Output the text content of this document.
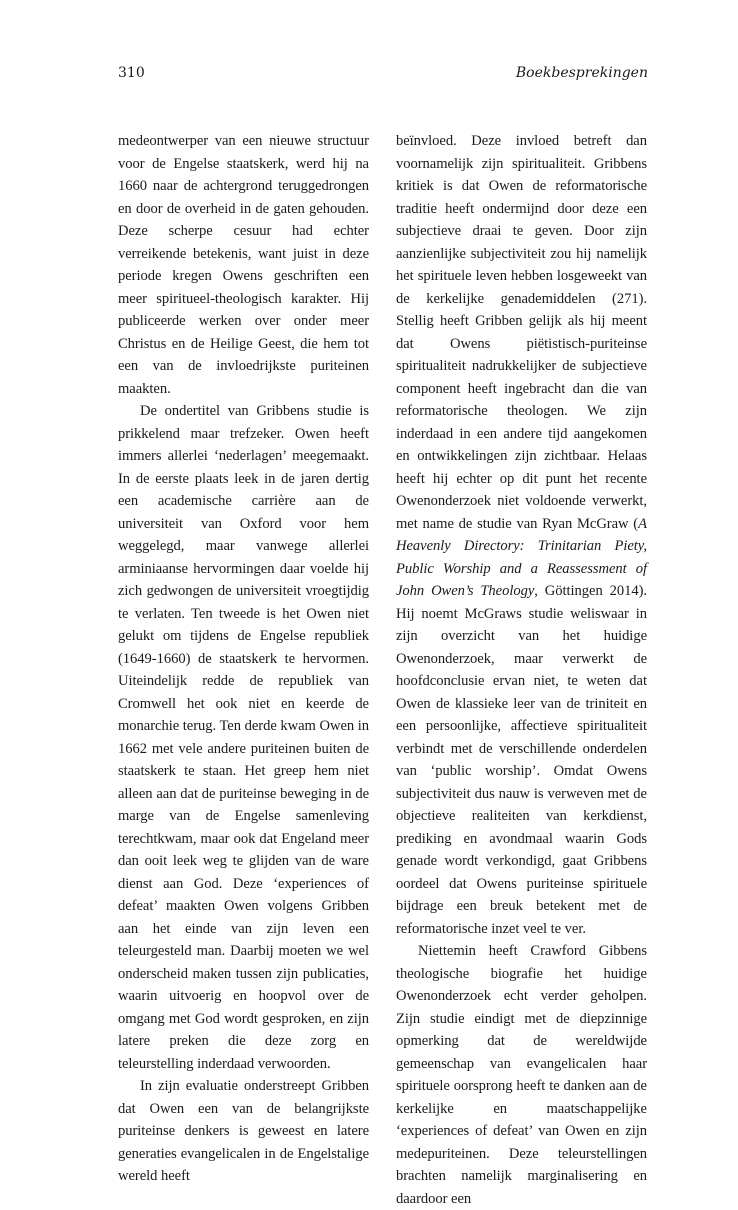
310	Boekbesprekingen

medeontwerper van een nieuwe structuur voor de Engelse staatskerk, werd hij na 1660 naar de achtergrond teruggedrongen en door de overheid in de gaten gehouden. Deze scherpe cesuur had echter verreikende betekenis, want juist in deze periode kregen Owens geschriften een meer spiritueel-theologisch karakter. Hij publiceerde werken over onder meer Christus en de Heilige Geest, die hem tot een van de invloedrijkste puriteinen maakten.

De ondertitel van Gribbens studie is prikkelend maar trefzeker. Owen heeft immers allerlei ‘nederlagen’ meegemaakt. In de eerste plaats leek in de jaren dertig een academische carrière aan de universiteit van Oxford voor hem weggelegd, maar vanwege allerlei arminiaanse hervormingen daar voelde hij zich gedwongen de universiteit vroegtijdig te verlaten. Ten tweede is het Owen niet gelukt om tijdens de Engelse republiek (1649-1660) de staatskerk te hervormen. Uiteindelijk redde de republiek van Cromwell het ook niet en keerde de monarchie terug. Ten derde kwam Owen in 1662 met vele andere puriteinen buiten de staatskerk te staan. Het greep hem niet alleen aan dat de puriteinse beweging in de marge van de Engelse samenleving terechtkwam, maar ook dat Engeland meer dan ooit leek weg te glijden van de ware dienst aan God. Deze ‘experiences of defeat’ maakten Owen volgens Gribben aan het einde van zijn leven een teleurgesteld man. Daarbij moeten we wel onderscheid maken tussen zijn publicaties, waarin uitvoerig en hoopvol over de omgang met God wordt gesproken, en zijn latere preken die deze zorg en teleurstelling inderdaad verwoorden.

In zijn evaluatie onderstreept Gribben dat Owen een van de belangrijkste puriteinse denkers is geweest en latere generaties evangelicalen in de Engelstalige wereld heeft

beïnvloed. Deze invloed betreft dan voornamelijk zijn spiritualiteit. Gribbens kritiek is dat Owen de reformatorische traditie heeft ondermijnd door deze een subjectieve draai te geven. Door zijn aanzienlijke subjectiviteit zou hij namelijk het spirituele leven hebben losgeweekt van de kerkelijke genademiddelen (271). Stellig heeft Gribben gelijk als hij meent dat Owens piëtistisch-puriteinse spiritualiteit nadrukkelijker de subjectieve component heeft ingebracht dan die van reformatorische theologen. We zijn inderdaad in een andere tijd aangekomen en ontwikkelingen zijn zichtbaar. Helaas heeft hij echter op dit punt het recente Owenonderzoek niet voldoende verwerkt, met name de studie van Ryan McGraw (A Heavenly Directory: Trinitarian Piety, Public Worship and a Reassessment of John Owen’s Theology, Göttingen 2014). Hij noemt McGraws studie weliswaar in zijn overzicht van het huidige Owenonderzoek, maar verwerkt de hoofdconclusie ervan niet, te weten dat Owen de klassieke leer van de triniteit en een persoonlijke, affectieve spiritualiteit verbindt met de verschillende onderdelen van ‘public worship’. Omdat Owens subjectiviteit dus nauw is verweven met de objectieve realiteiten van kerkdienst, prediking en avondmaal waarin Gods genade wordt verkondigd, gaat Gribbens oordeel dat Owens puriteinse spirituele bijdrage een breuk betekent met de reformatorische inzet veel te ver.

Niettemin heeft Crawford Gibbens theologische biografie het huidige Owenonderzoek echt verder geholpen. Zijn studie eindigt met de diepzinnige opmerking dat de wereldwijde gemeenschap van evangelicalen haar spirituele oorsprong heeft te danken aan de kerkelijke en maatschappelijke ‘experiences of defeat’ van Owen en zijn medepuriteinen. Deze teleurstellingen brachten namelijk marginalisering en daardoor een
